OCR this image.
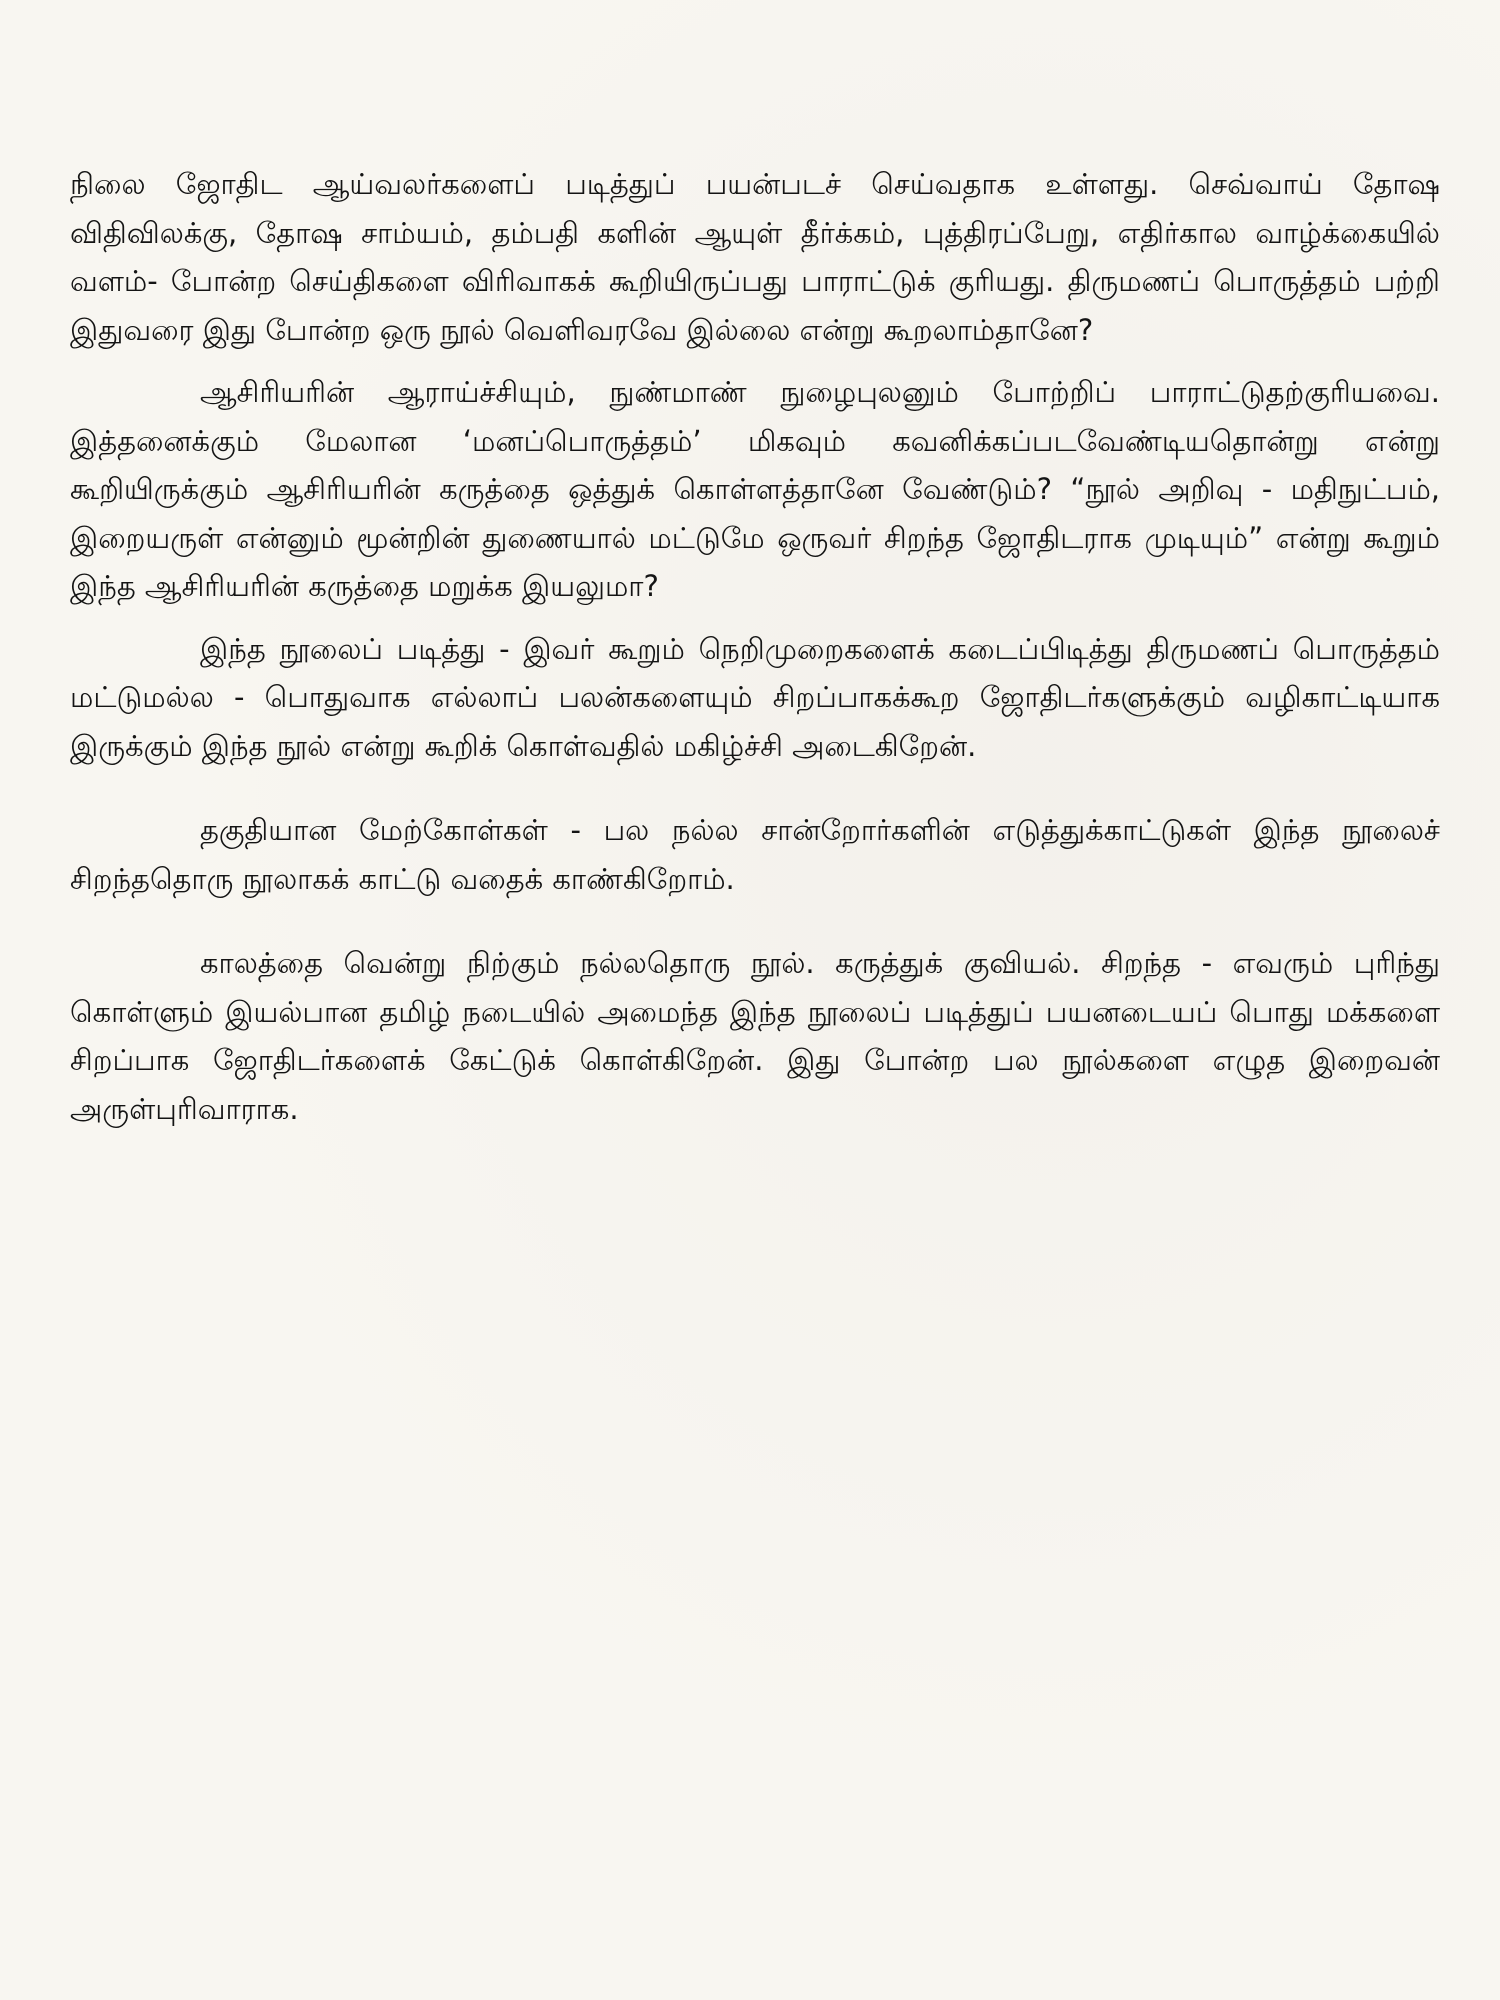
நிலை ஜோதிட ஆய்வலர்களைப் படித்துப் பயன்படச் செய்வதாக உள்ளது. செவ்வாய் தோஷ விதிவிலக்கு, தோஷ சாம்யம், தம்பதி களின் ஆயுள் தீர்க்கம், புத்திரப்பேறு, எதிர்கால வாழ்க்கையில் வளம்- போன்ற செய்திகளை விரிவாகக் கூறியிருப்பது பாராட்டுக் குரியது. திருமணப் பொருத்தம் பற்றி இதுவரை இது போன்ற ஒரு நூல் வெளிவரவே இல்லை என்று கூறலாம்தானே?

ஆசிரியரின் ஆராய்ச்சியும், நுண்மாண் நுழைபுலனும் போற்றிப் பாராட்டுதற்குரியவை. இத்தனைக்கும் மேலான ‘மனப்பொருத்தம்’ மிகவும் கவனிக்கப்படவேண்டியதொன்று என்று கூறியிருக்கும் ஆசிரியரின் கருத்தை ஒத்துக் கொள்ளத்தானே வேண்டும்? “நூல் அறிவு - மதிநுட்பம், இறையருள் என்னும் மூன்றின் துணையால் மட்டுமே ஒருவர் சிறந்த ஜோதிடராக முடியும்” என்று கூறும் இந்த ஆசிரியரின் கருத்தை மறுக்க இயலுமா?

இந்த நூலைப் படித்து - இவர் கூறும் நெறிமுறைகளைக் கடைப்பிடித்து திருமணப் பொருத்தம் மட்டுமல்ல - பொதுவாக எல்லாப் பலன்களையும் சிறப்பாகக்கூற ஜோதிடர்களுக்கும் வழிகாட்டியாக இருக்கும் இந்த நூல் என்று கூறிக் கொள்வதில் மகிழ்ச்சி அடைகிறேன்.

தகுதியான மேற்கோள்கள் - பல நல்ல சான்றோர்களின் எடுத்துக்காட்டுகள் இந்த நூலைச் சிறந்ததொரு நூலாகக் காட்டு வதைக் காண்கிறோம்.

காலத்தை வென்று நிற்கும் நல்லதொரு நூல். கருத்துக் குவியல். சிறந்த - எவரும் புரிந்து கொள்ளும் இயல்பான தமிழ் நடையில் அமைந்த இந்த நூலைப் படித்துப் பயனடையப் பொது மக்களை சிறப்பாக ஜோதிடர்களைக் கேட்டுக் கொள்கிறேன். இது போன்ற பல நூல்களை எழுத இறைவன் அருள்புரிவாராக.
